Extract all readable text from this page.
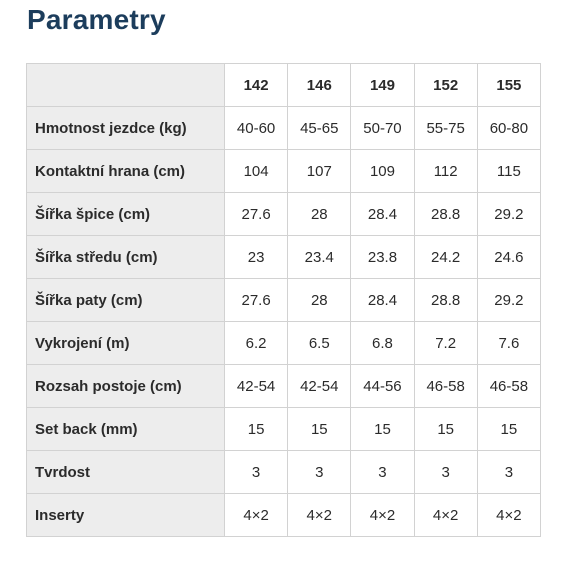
Parametry
	142	146	149	152	155
Hmotnost jezdce (kg)	40-60	45-65	50-70	55-75	60-80
Kontaktní hrana (cm)	104	107	109	112	115
Šířka špice (cm)	27.6	28	28.4	28.8	29.2
Šířka středu (cm)	23	23.4	23.8	24.2	24.6
Šířka paty (cm)	27.6	28	28.4	28.8	29.2
Vykrojení (m)	6.2	6.5	6.8	7.2	7.6
Rozsah postoje (cm)	42-54	42-54	44-56	46-58	46-58
Set back (mm)	15	15	15	15	15
Tvrdost	3	3	3	3	3
Inserty	4×2	4×2	4×2	4×2	4×2
